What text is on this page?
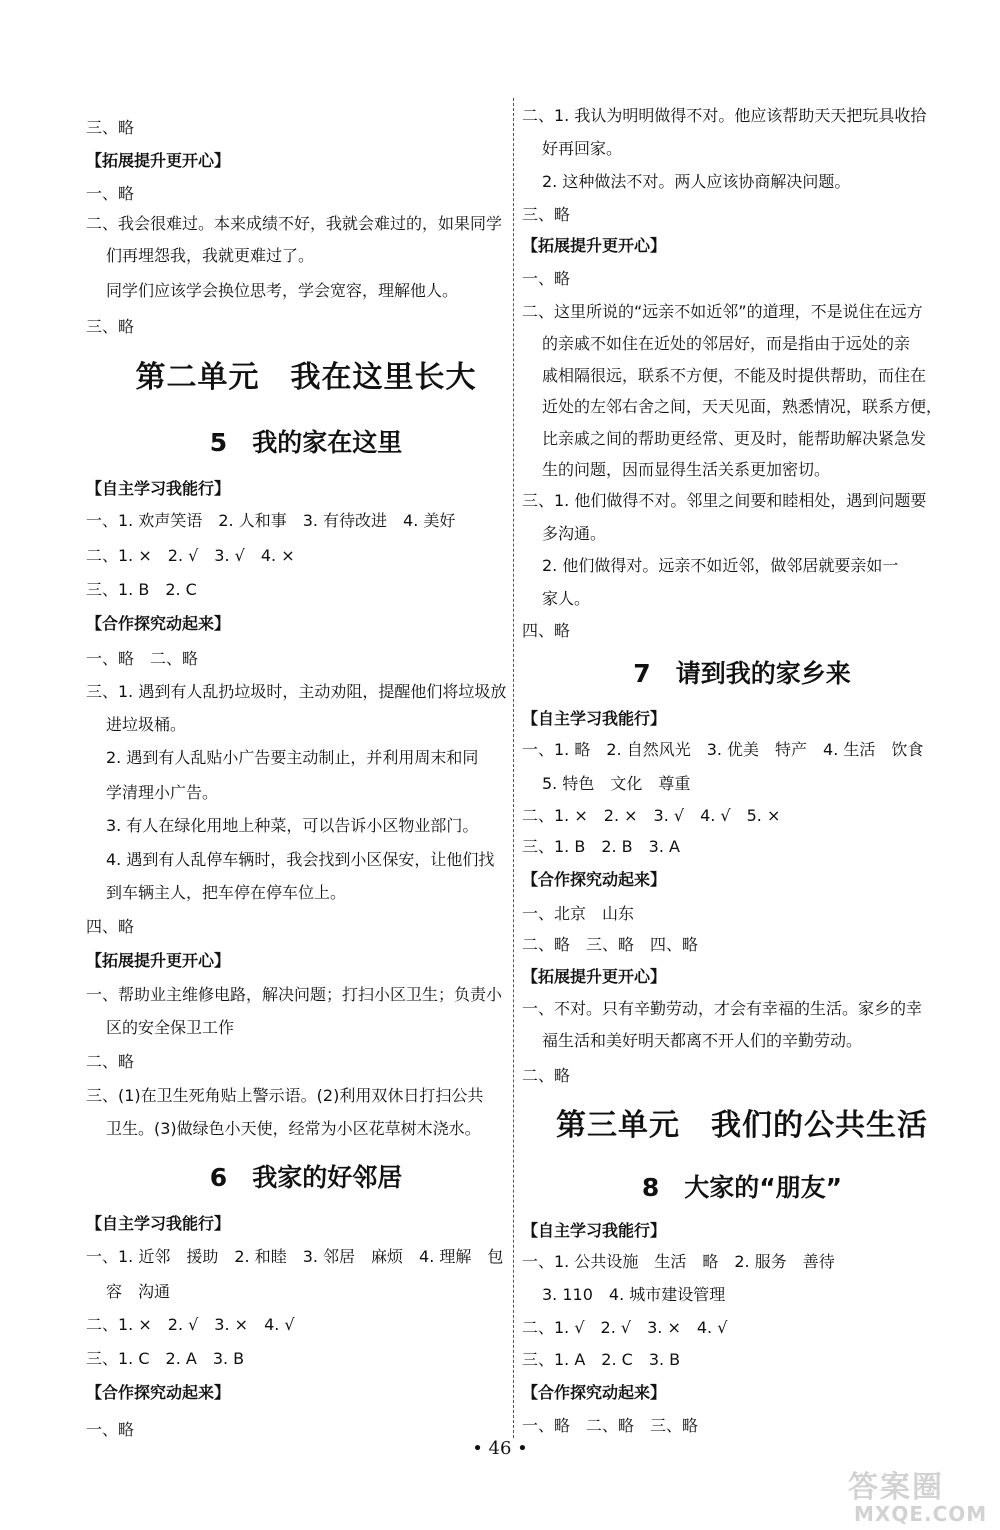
三、略
【拓展提升更开心】
一、略
二、我会很难过。本来成绩不好，我就会难过的，如果同学
们再埋怨我，我就更难过了。
同学们应该学会换位思考，学会宽容，理解他人。
三、略
第二单元　我在这里长大
5　我的家在这里
【自主学习我能行】
一、1. 欢声笑语　2. 人和事　3. 有待改进　4. 美好
二、1. ×　2. √　3. √　4. ×
三、1. B　2. C
【合作探究动起来】
一、略　二、略
三、1. 遇到有人乱扔垃圾时，主动劝阻，提醒他们将垃圾放
进垃圾桶。
2. 遇到有人乱贴小广告要主动制止，并利用周末和同
学清理小广告。
3. 有人在绿化用地上种菜，可以告诉小区物业部门。
4. 遇到有人乱停车辆时，我会找到小区保安，让他们找
到车辆主人，把车停在停车位上。
四、略
【拓展提升更开心】
一、帮助业主维修电路，解决问题；打扫小区卫生；负责小
区的安全保卫工作
二、略
三、(1)在卫生死角贴上警示语。(2)利用双休日打扫公共
卫生。(3)做绿色小天使，经常为小区花草树木浇水。
6　我家的好邻居
【自主学习我能行】
一、1. 近邻　援助　2. 和睦　3. 邻居　麻烦　4. 理解　包
容　沟通
二、1. ×　2. √　3. ×　4. √
三、1. C　2. A　3. B
【合作探究动起来】
一、略
二、1. 我认为明明做得不对。他应该帮助天天把玩具收拾
好再回家。
2. 这种做法不对。两人应该协商解决问题。
三、略
【拓展提升更开心】
一、略
二、这里所说的“远亲不如近邻”的道理，不是说住在远方
的亲戚不如住在近处的邻居好，而是指由于远处的亲
戚相隔很远，联系不方便，不能及时提供帮助，而住在
近处的左邻右舍之间，天天见面，熟悉情况，联系方便，
比亲戚之间的帮助更经常、更及时，能帮助解决紧急发
生的问题，因而显得生活关系更加密切。
三、1. 他们做得不对。邻里之间要和睦相处，遇到问题要
多沟通。
2. 他们做得对。远亲不如近邻，做邻居就要亲如一
家人。
四、略
7　请到我的家乡来
【自主学习我能行】
一、1. 略　2. 自然风光　3. 优美　特产　4. 生活　饮食
5. 特色　文化　尊重
二、1. ×　2. ×　3. √　4. √　5. ×
三、1. B　2. B　3. A
【合作探究动起来】
一、北京　山东
二、略　三、略　四、略
【拓展提升更开心】
一、不对。只有辛勤劳动，才会有幸福的生活。家乡的幸
福生活和美好明天都离不开人们的辛勤劳动。
二、略
第三单元　我们的公共生活
8　大家的“朋友”
【自主学习我能行】
一、1. 公共设施　生活　略　2. 服务　善待
3. 110　4. 城市建设管理
二、1. √　2. √　3. ×　4. √
三、1. A　2. C　3. B
【合作探究动起来】
一、略　二、略　三、略
• 46 •
答案圈
MXQE.COM
